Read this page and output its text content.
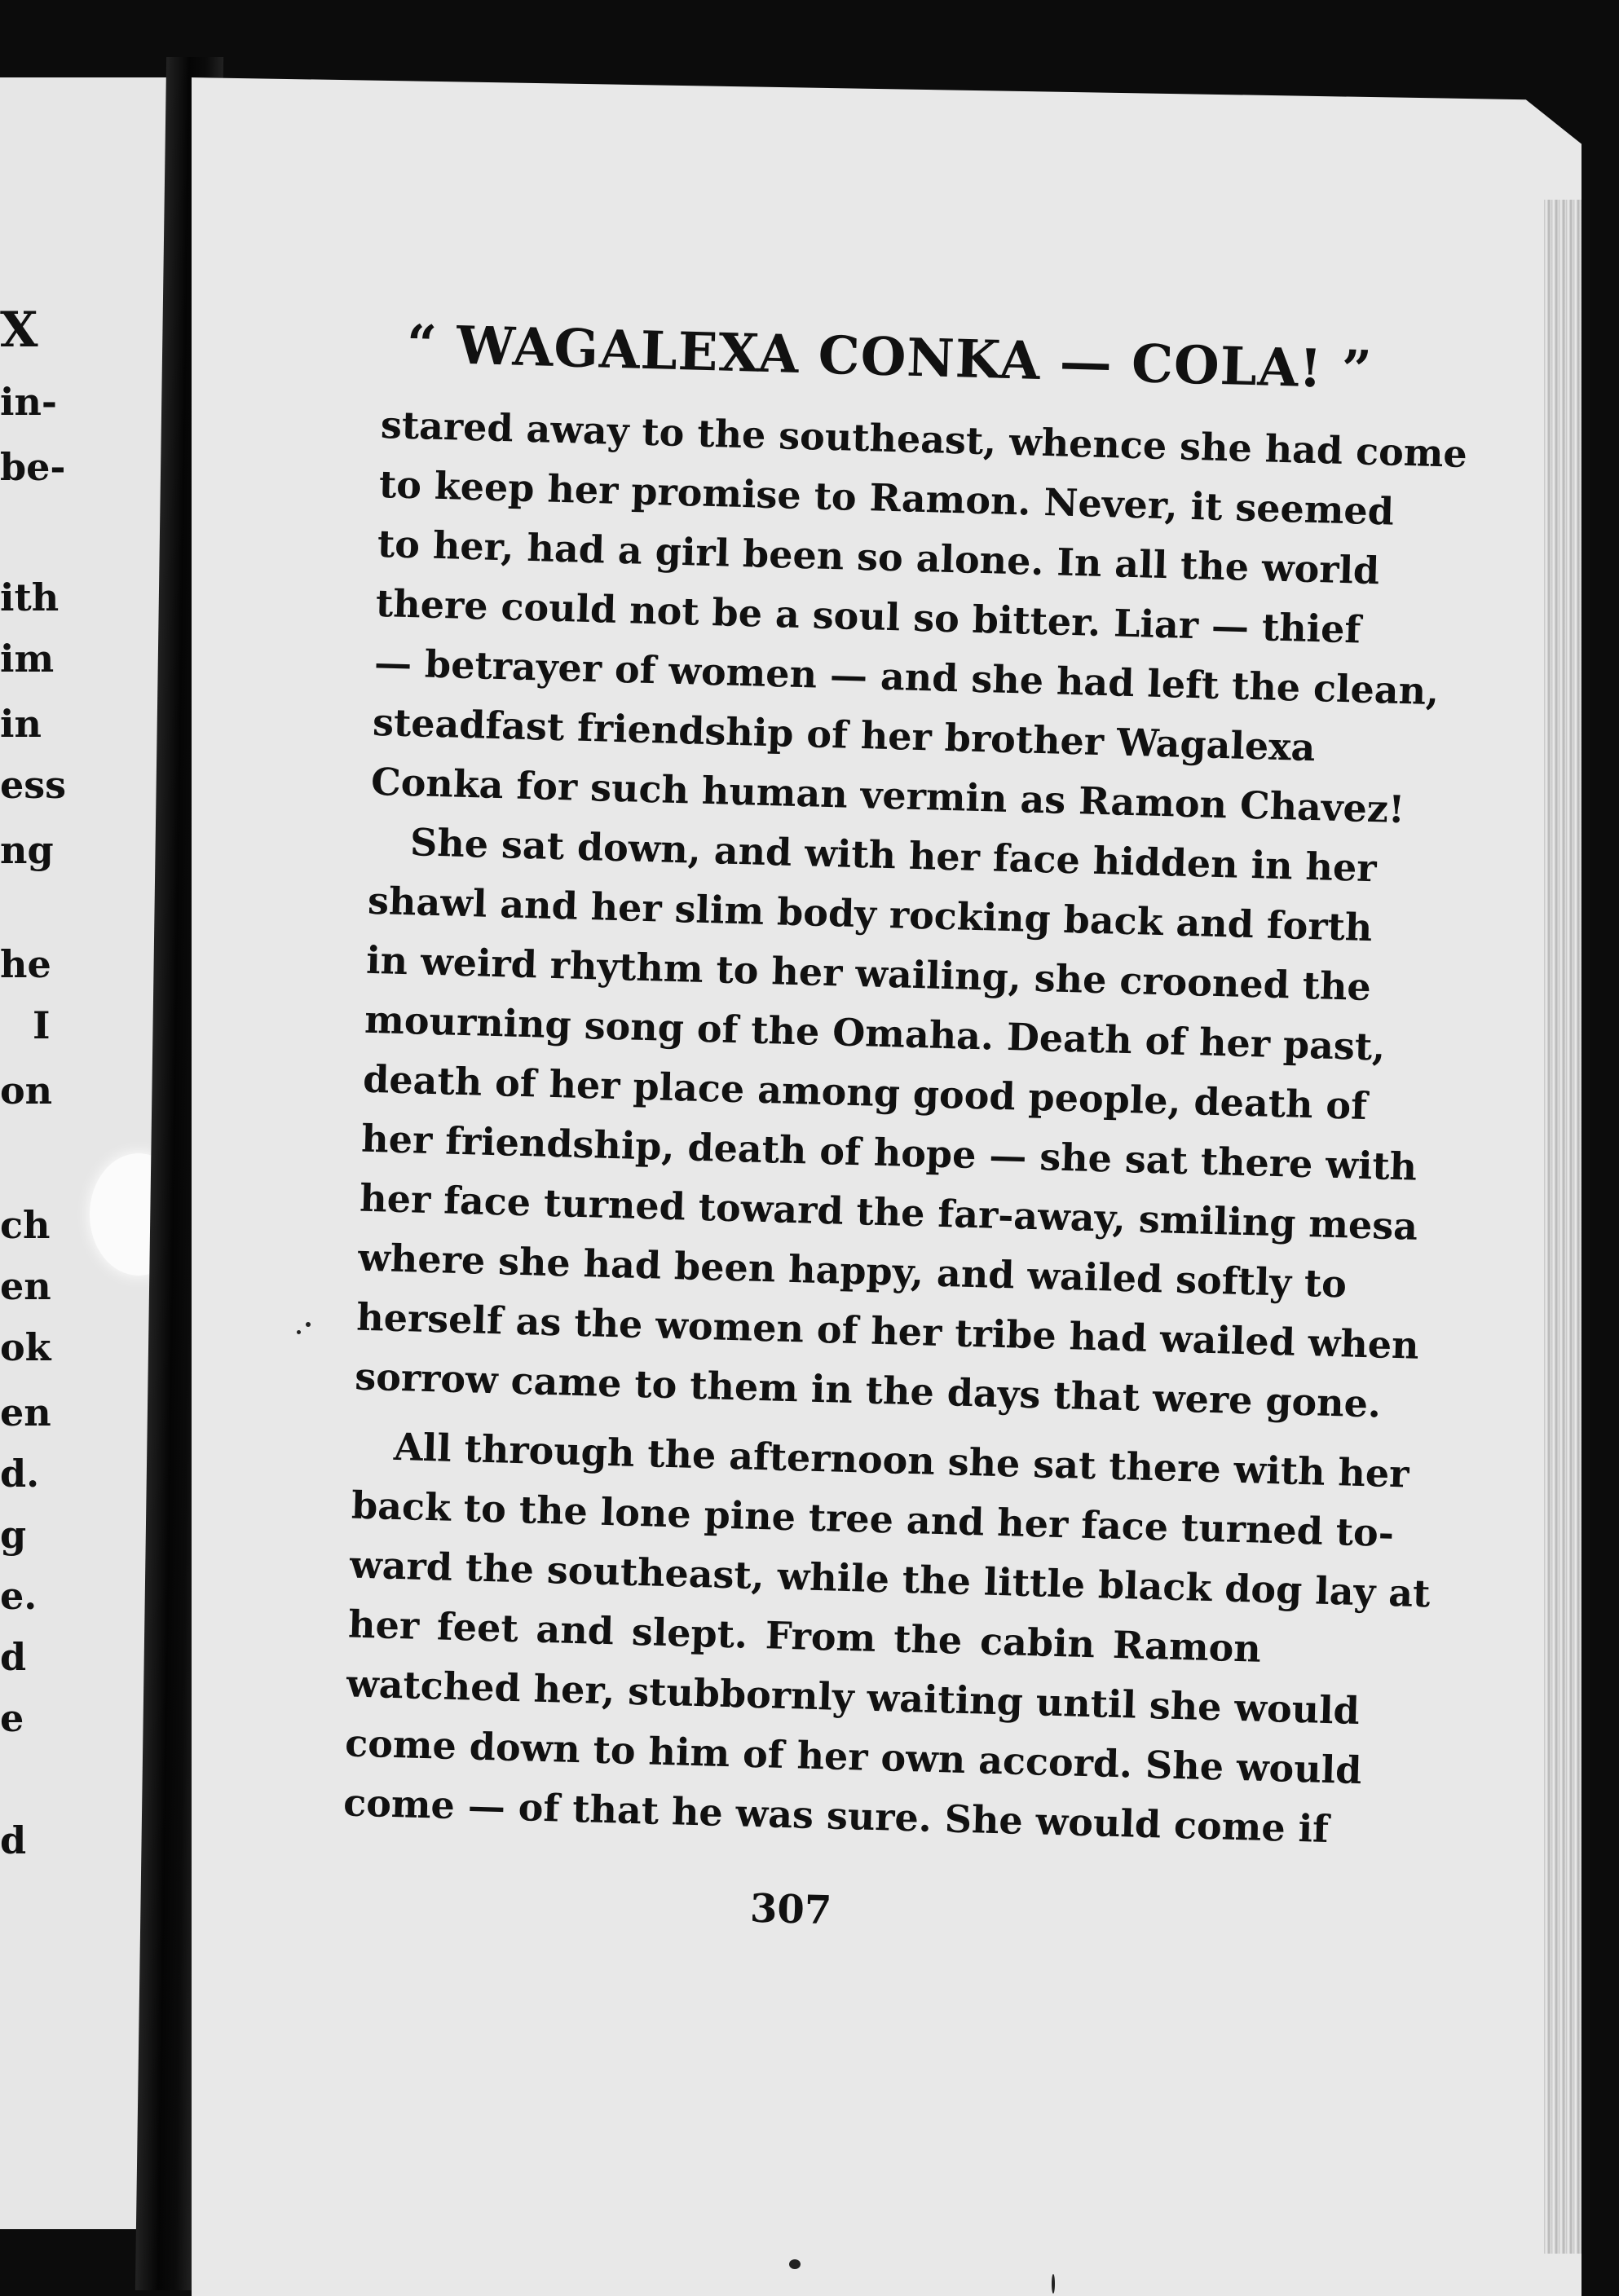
X
in-
be-
ith
im
in
ess
ng
he
I
on
ch
en
ok
en
d.
g
e.
d
e
d
“ WAGALEXA CONKA — COLA! ”
stared away to the southeast, whence she had come
to keep her promise to Ramon. Never, it seemed
to her, had a girl been so alone. In all the world
there could not be a soul so bitter. Liar — thief
— betrayer of women — and she had left the clean,
steadfast friendship of her brother Wagalexa
Conka for such human vermin as Ramon Chavez!
She sat down, and with her face hidden in her
shawl and her slim body rocking back and forth
in weird rhythm to her wailing, she crooned the
mourning song of the Omaha. Death of her past,
death of her place among good people, death of
her friendship, death of hope — she sat there with
her face turned toward the far-away, smiling mesa
where she had been happy, and wailed softly to
herself as the women of her tribe had wailed when
sorrow came to them in the days that were gone.
All through the afternoon she sat there with her
back to the lone pine tree and her face turned to-
ward the southeast, while the little black dog lay at
her feet and slept. From the cabin Ramon
watched her, stubbornly waiting until she would
come down to him of her own accord. She would
come — of that he was sure. She would come if
307
